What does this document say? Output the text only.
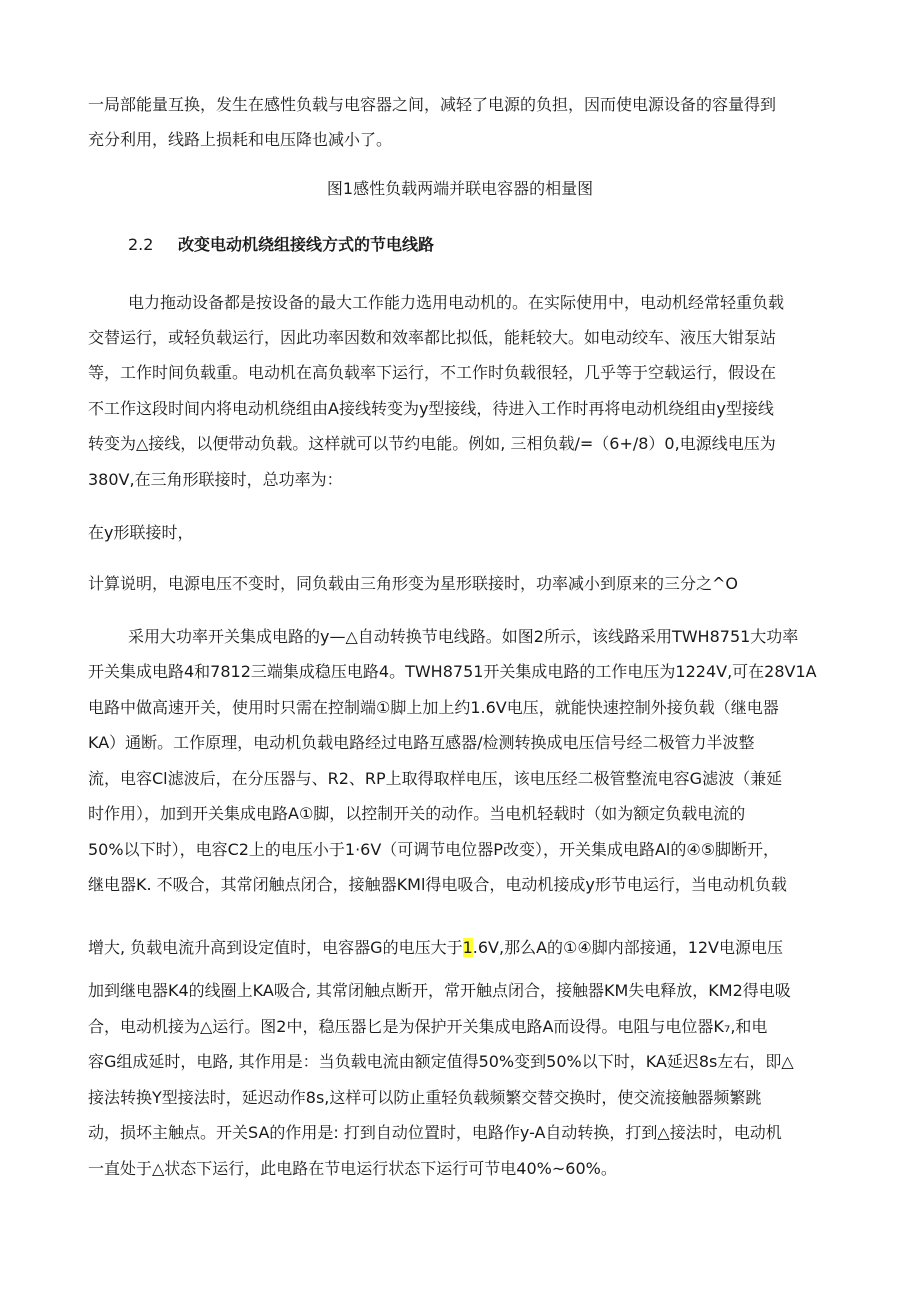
一局部能量互换，发生在感性负载与电容器之间，减轻了电源的负担，因而使电源设备的容量得到
充分利用，线路上损耗和电压降也减小了。
图1感性负载两端并联电容器的相量图
2.2 改变电动机绕组接线方式的节电线路
电力拖动设备都是按设备的最大工作能力选用电动机的。在实际使用中，电动机经常轻重负载
交替运行，或轻负载运行，因此功率因数和效率都比拟低，能耗较大。如电动绞车、液压大钳泵站
等，工作时间负载重。电动机在高负载率下运行，不工作时负载很轻，几乎等于空载运行，假设在
不工作这段时间内将电动机绕组由A接线转变为y型接线，待进入工作时再将电动机绕组由y型接线
转变为△接线，以便带动负载。这样就可以节约电能。例如, 三相负载/=（6+/8）0,电源线电压为
380V,在三角形联接时，总功率为：
在y形联接时，
计算说明，电源电压不变时，同负载由三角形变为星形联接时，功率减小到原来的三分之^O
采用大功率开关集成电路的y—△自动转换节电线路。如图2所示，该线路采用TWH8751大功率
开关集成电路4和7812三端集成稳压电路4。TWH8751开关集成电路的工作电压为1224V,可在28V1A
电路中做高速开关，使用时只需在控制端①脚上加上约1.6V电压，就能快速控制外接负载（继电器
KA）通断。工作原理，电动机负载电路经过电路互感器/检测转换成电压信号经二极管力半波整
流，电容Cl滤波后，在分压器与、R2、RP上取得取样电压，该电压经二极管整流电容G滤波（兼延
时作用），加到开关集成电路A①脚，以控制开关的动作。当电机轻载时（如为额定负载电流的
50%以下时），电容C2上的电压小于1·6V（可调节电位器P改变），开关集成电路Al的④⑤脚断开，
继电器K. 不吸合，其常闭触点闭合，接触器KMl得电吸合，电动机接成y形节电运行，当电动机负载
增大, 负载电流升高到设定值时，电容器G的电压大于1.6V,那么A的①④脚内部接通，12V电源电压
加到继电器K4的线圈上KA吸合, 其常闭触点断开，常开触点闭合，接触器KM失电释放，KM2得电吸
合，电动机接为△运行。图2中，稳压器匕是为保护开关集成电路A而设得。电阻与电位器K₇,和电
容G组成延时，电路, 其作用是：当负载电流由额定值得50%变到50%以下时，KA延迟8s左右，即△
接法转换Y型接法时，延迟动作8s,这样可以防止重轻负载频繁交替交换时，使交流接触器频繁跳
动，损坏主触点。开关SA的作用是: 打到自动位置时，电路作y-A自动转换，打到△接法时，电动机
一直处于△状态下运行，此电路在节电运行状态下运行可节电40%~60%。
